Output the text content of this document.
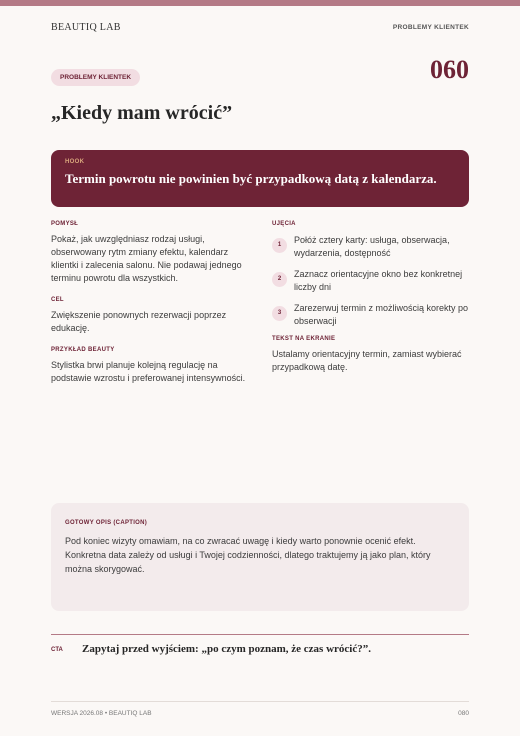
BEAUTIQ LAB	PROBLEMY KLIENTEK
PROBLEMY KLIENTEK	060
„Kiedy mam wrócić”
HOOK
Termin powrotu nie powinien być przypadkową datą z kalendarza.
POMYSŁ
Pokaż, jak uwzględniasz rodzaj usługi, obserwowany rytm zmiany efektu, kalendarz klientki i zalecenia salonu. Nie podawaj jednego terminu powrotu dla wszystkich.
CEL
Zwiększenie ponownych rezerwacji poprzez edukację.
PRZYKŁAD BEAUTY
Stylistka brwi planuje kolejną regulację na podstawie wzrostu i preferowanej intensywności.
UJĘCIA
1	Połóż cztery karty: usługa, obserwacja, wydarzenia, dostępność
2	Zaznacz orientacyjne okno bez konkretnej liczby dni
3	Zarezerwuj termin z możliwością korekty po obserwacji
TEKST NA EKRANIE
Ustalamy orientacyjny termin, zamiast wybierać przypadkową datę.
GOTOWY OPIS (CAPTION)
Pod koniec wizyty omawiam, na co zwracać uwagę i kiedy warto ponownie ocenić efekt. Konkretna data zależy od usługi i Twojej codzienności, dlatego traktujemy ją jako plan, który można skorygować.
CTA Zapytaj przed wyjściem: „po czym poznam, że czas wrócić?”.
WERSJA 2026.08 • BEAUTIQ LAB	080
